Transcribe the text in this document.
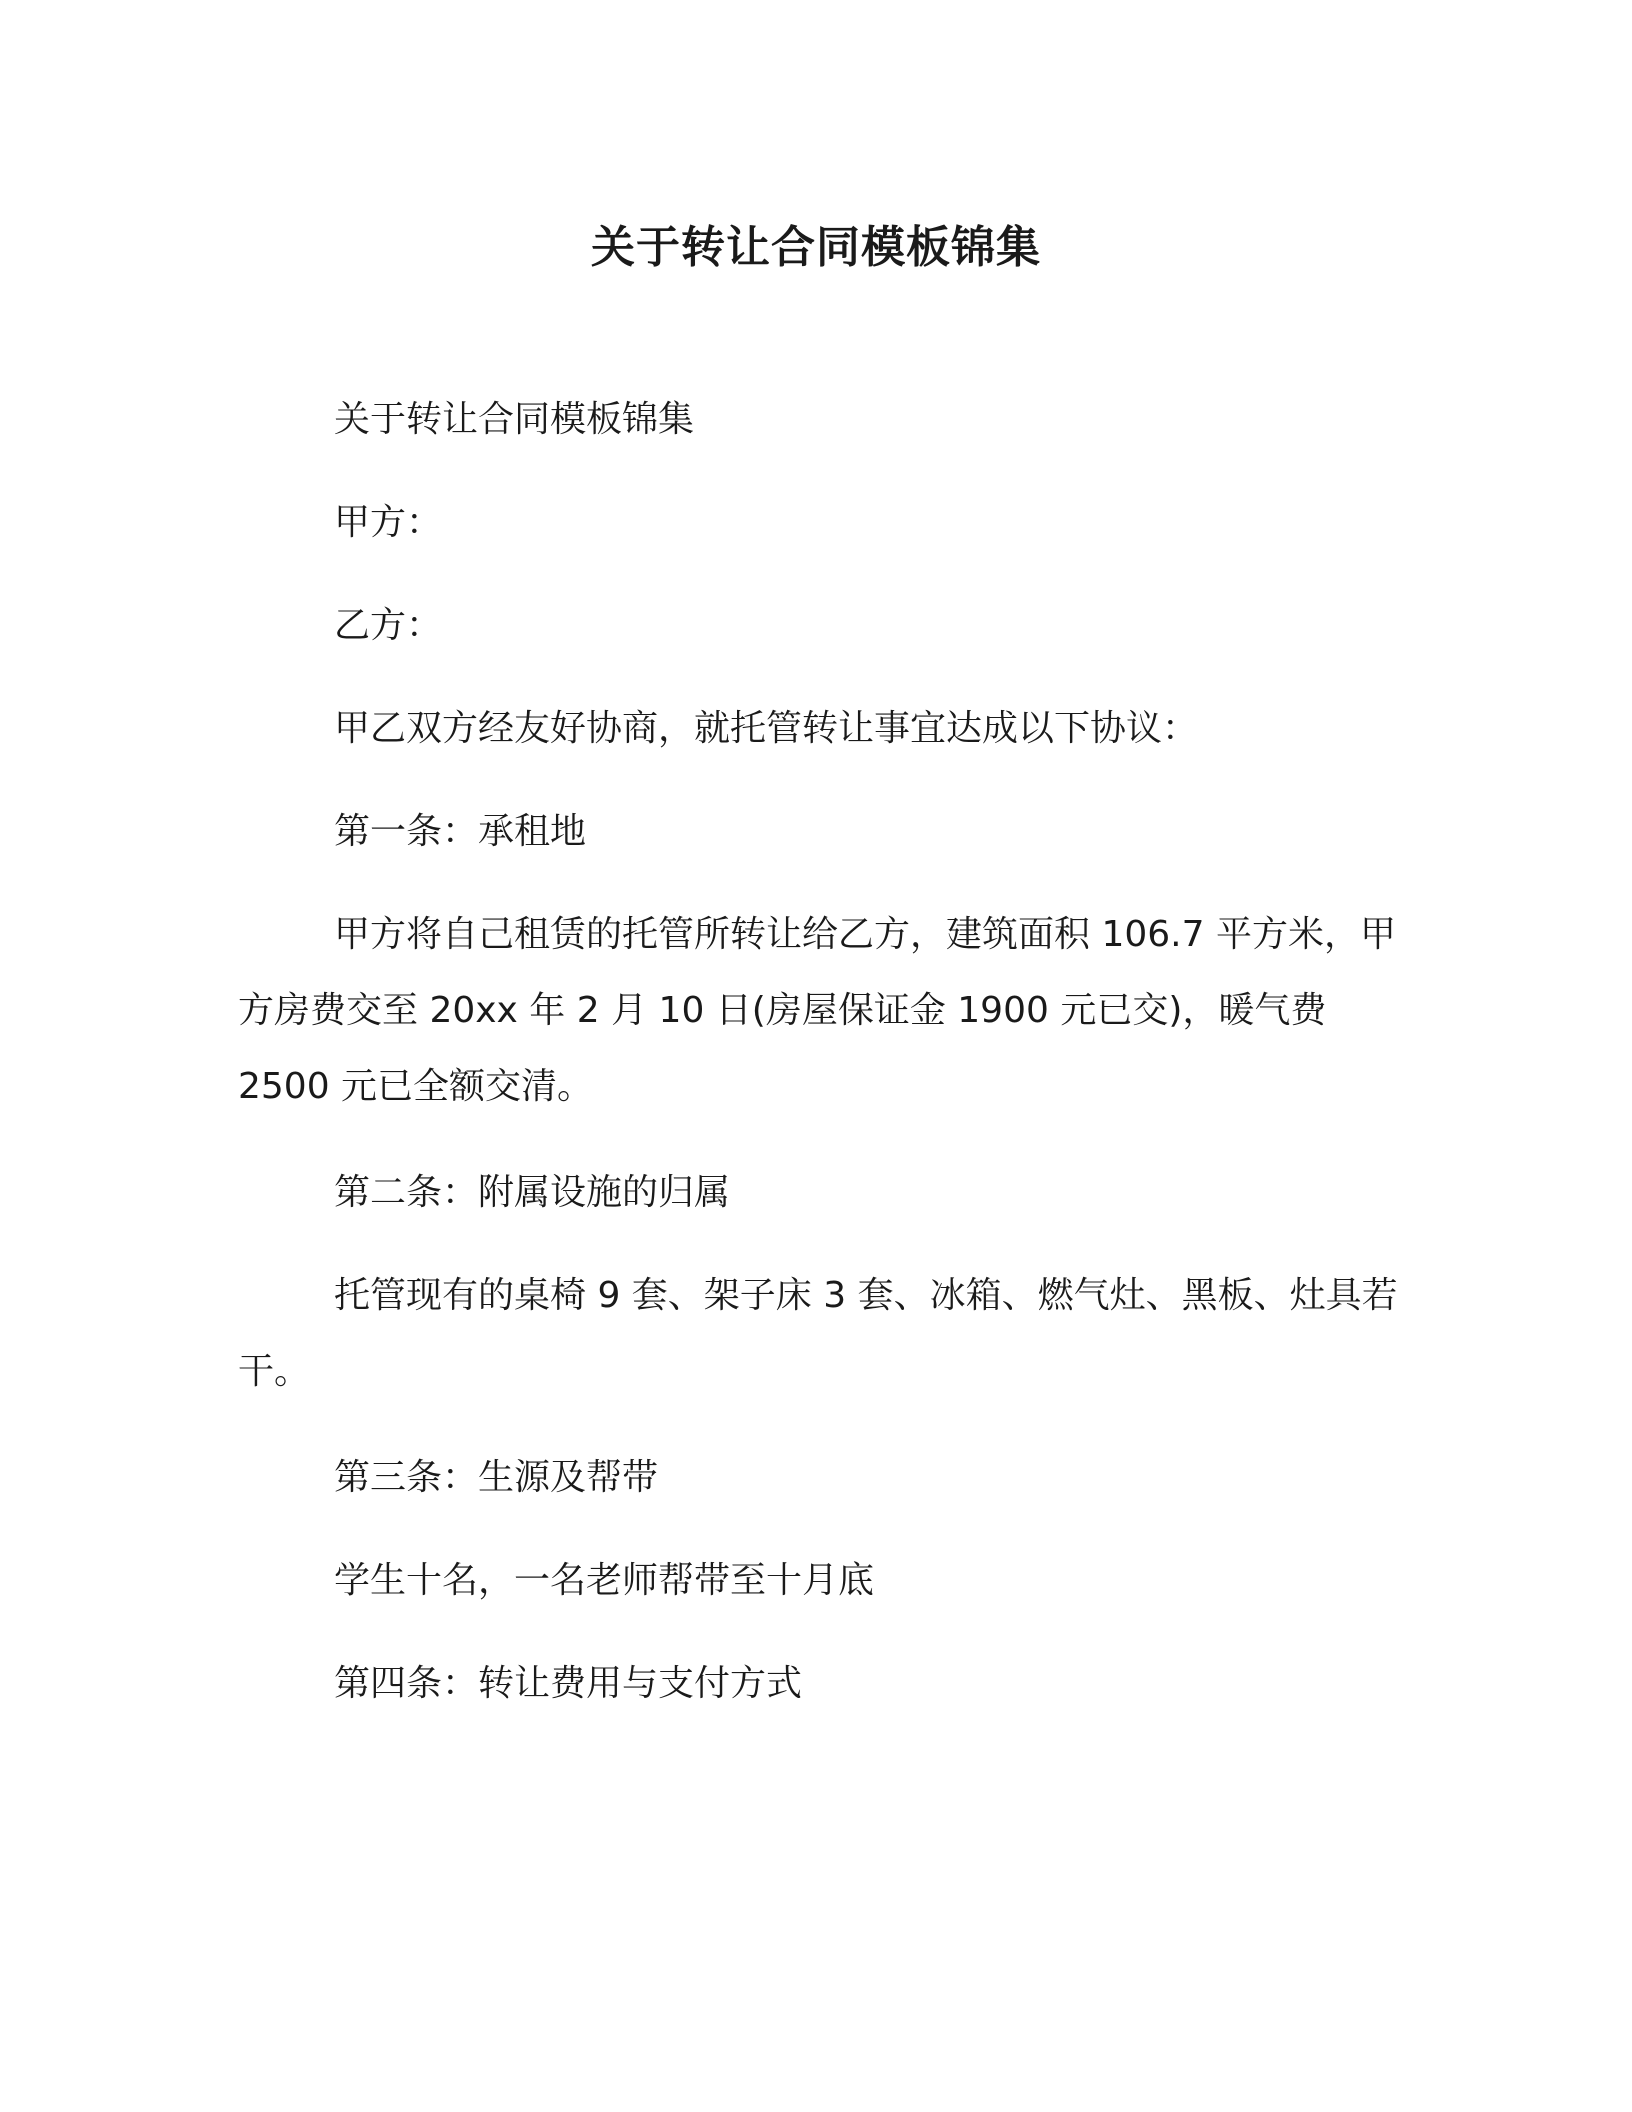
关于转让合同模板锦集

关于转让合同模板锦集

甲方：

乙方：

甲乙双方经友好协商，就托管转让事宜达成以下协议：

第一条：承租地

甲方将自己租赁的托管所转让给乙方，建筑面积 106.7 平方米，甲方房费交至 20xx 年 2 月 10 日(房屋保证金 1900 元已交)，暖气费 2500 元已全额交清。

第二条：附属设施的归属

托管现有的桌椅 9 套、架子床 3 套、冰箱、燃气灶、黑板、灶具若干。

第三条：生源及帮带

学生十名，一名老师帮带至十月底

第四条：转让费用与支付方式
